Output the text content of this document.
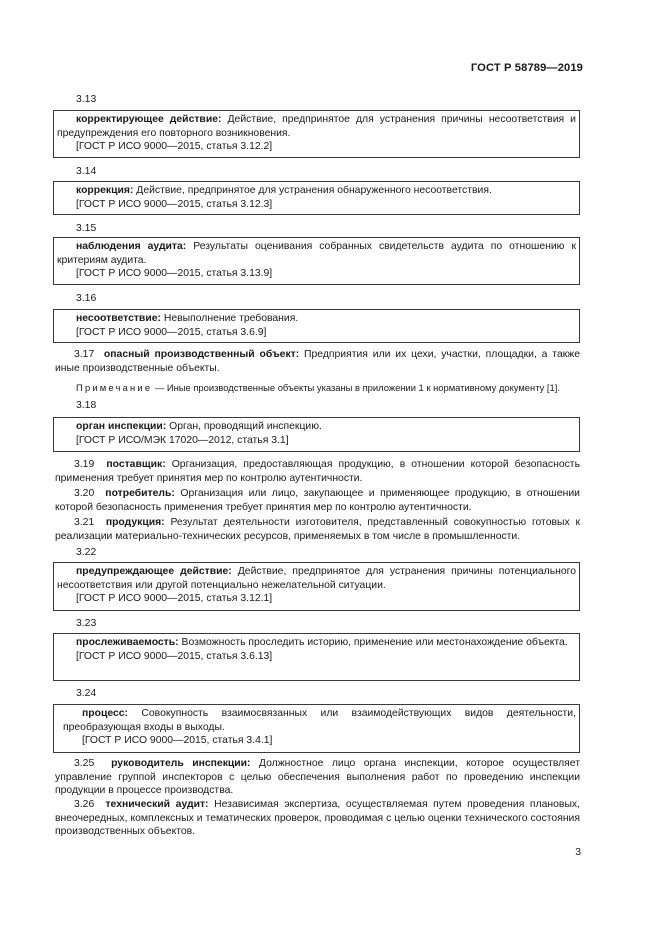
ГОСТ Р 58789—2019
3.13

корректирующее действие: Действие, предпринятое для устранения причины несоответствия и предупреждения его повторного возникновения.

[ГОСТ Р ИСО 9000—2015, статья 3.12.2]

3.14

коррекция: Действие, предпринятое для устранения обнаруженного несоответствия.

[ГОСТ Р ИСО 9000—2015, статья 3.12.3]

3.15

наблюдения аудита: Результаты оценивания собранных свидетельств аудита по отношению к критериям аудита.

[ГОСТ Р ИСО 9000—2015, статья 3.13.9]

3.16

несоответствие: Невыполнение требования.

[ГОСТ Р ИСО 9000—2015, статья 3.6.9]

3.17 опасный производственный объект: Предприятия или их цехи, участки, площадки, а также иные производственные объекты.

Примечание — Иные производственные объекты указаны в приложении 1 к нормативному документу [1].

3.18

орган инспекции: Орган, проводящий инспекцию.

[ГОСТ Р ИСО/МЭК 17020—2012, статья 3.1]

3.19 поставщик: Организация, предоставляющая продукцию, в отношении которой безопасность применения требует принятия мер по контролю аутентичности.

3.20 потребитель: Организация или лицо, закупающее и применяющее продукцию, в отношении которой безопасность применения требует принятия мер по контролю аутентичности.

3.21 продукция: Результат деятельности изготовителя, представленный совокупностью готовых к реализации материально-технических ресурсов, применяемых в том числе в промышленности.

3.22

предупреждающее действие: Действие, предпринятое для устранения причины потенциального несоответствия или другой потенциально нежелательной ситуации.

[ГОСТ Р ИСО 9000—2015, статья 3.12.1]

3.23

прослеживаемость: Возможность проследить историю, применение или местонахождение объекта.

[ГОСТ Р ИСО 9000—2015, статья 3.6.13]

3.24

процесс: Совокупность взаимосвязанных или взаимодействующих видов деятельности, преобразующая входы в выходы.

[ГОСТ Р ИСО 9000—2015, статья 3.4.1]

3.25 руководитель инспекции: Должностное лицо органа инспекции, которое осуществляет управление группой инспекторов с целью обеспечения выполнения работ по проведению инспекции продукции в процессе производства.

3.26 технический аудит: Независимая экспертиза, осуществляемая путем проведения плановых, внеочередных, комплексных и тематических проверок, проводимая с целью оценки технического состояния производственных объектов.

3
